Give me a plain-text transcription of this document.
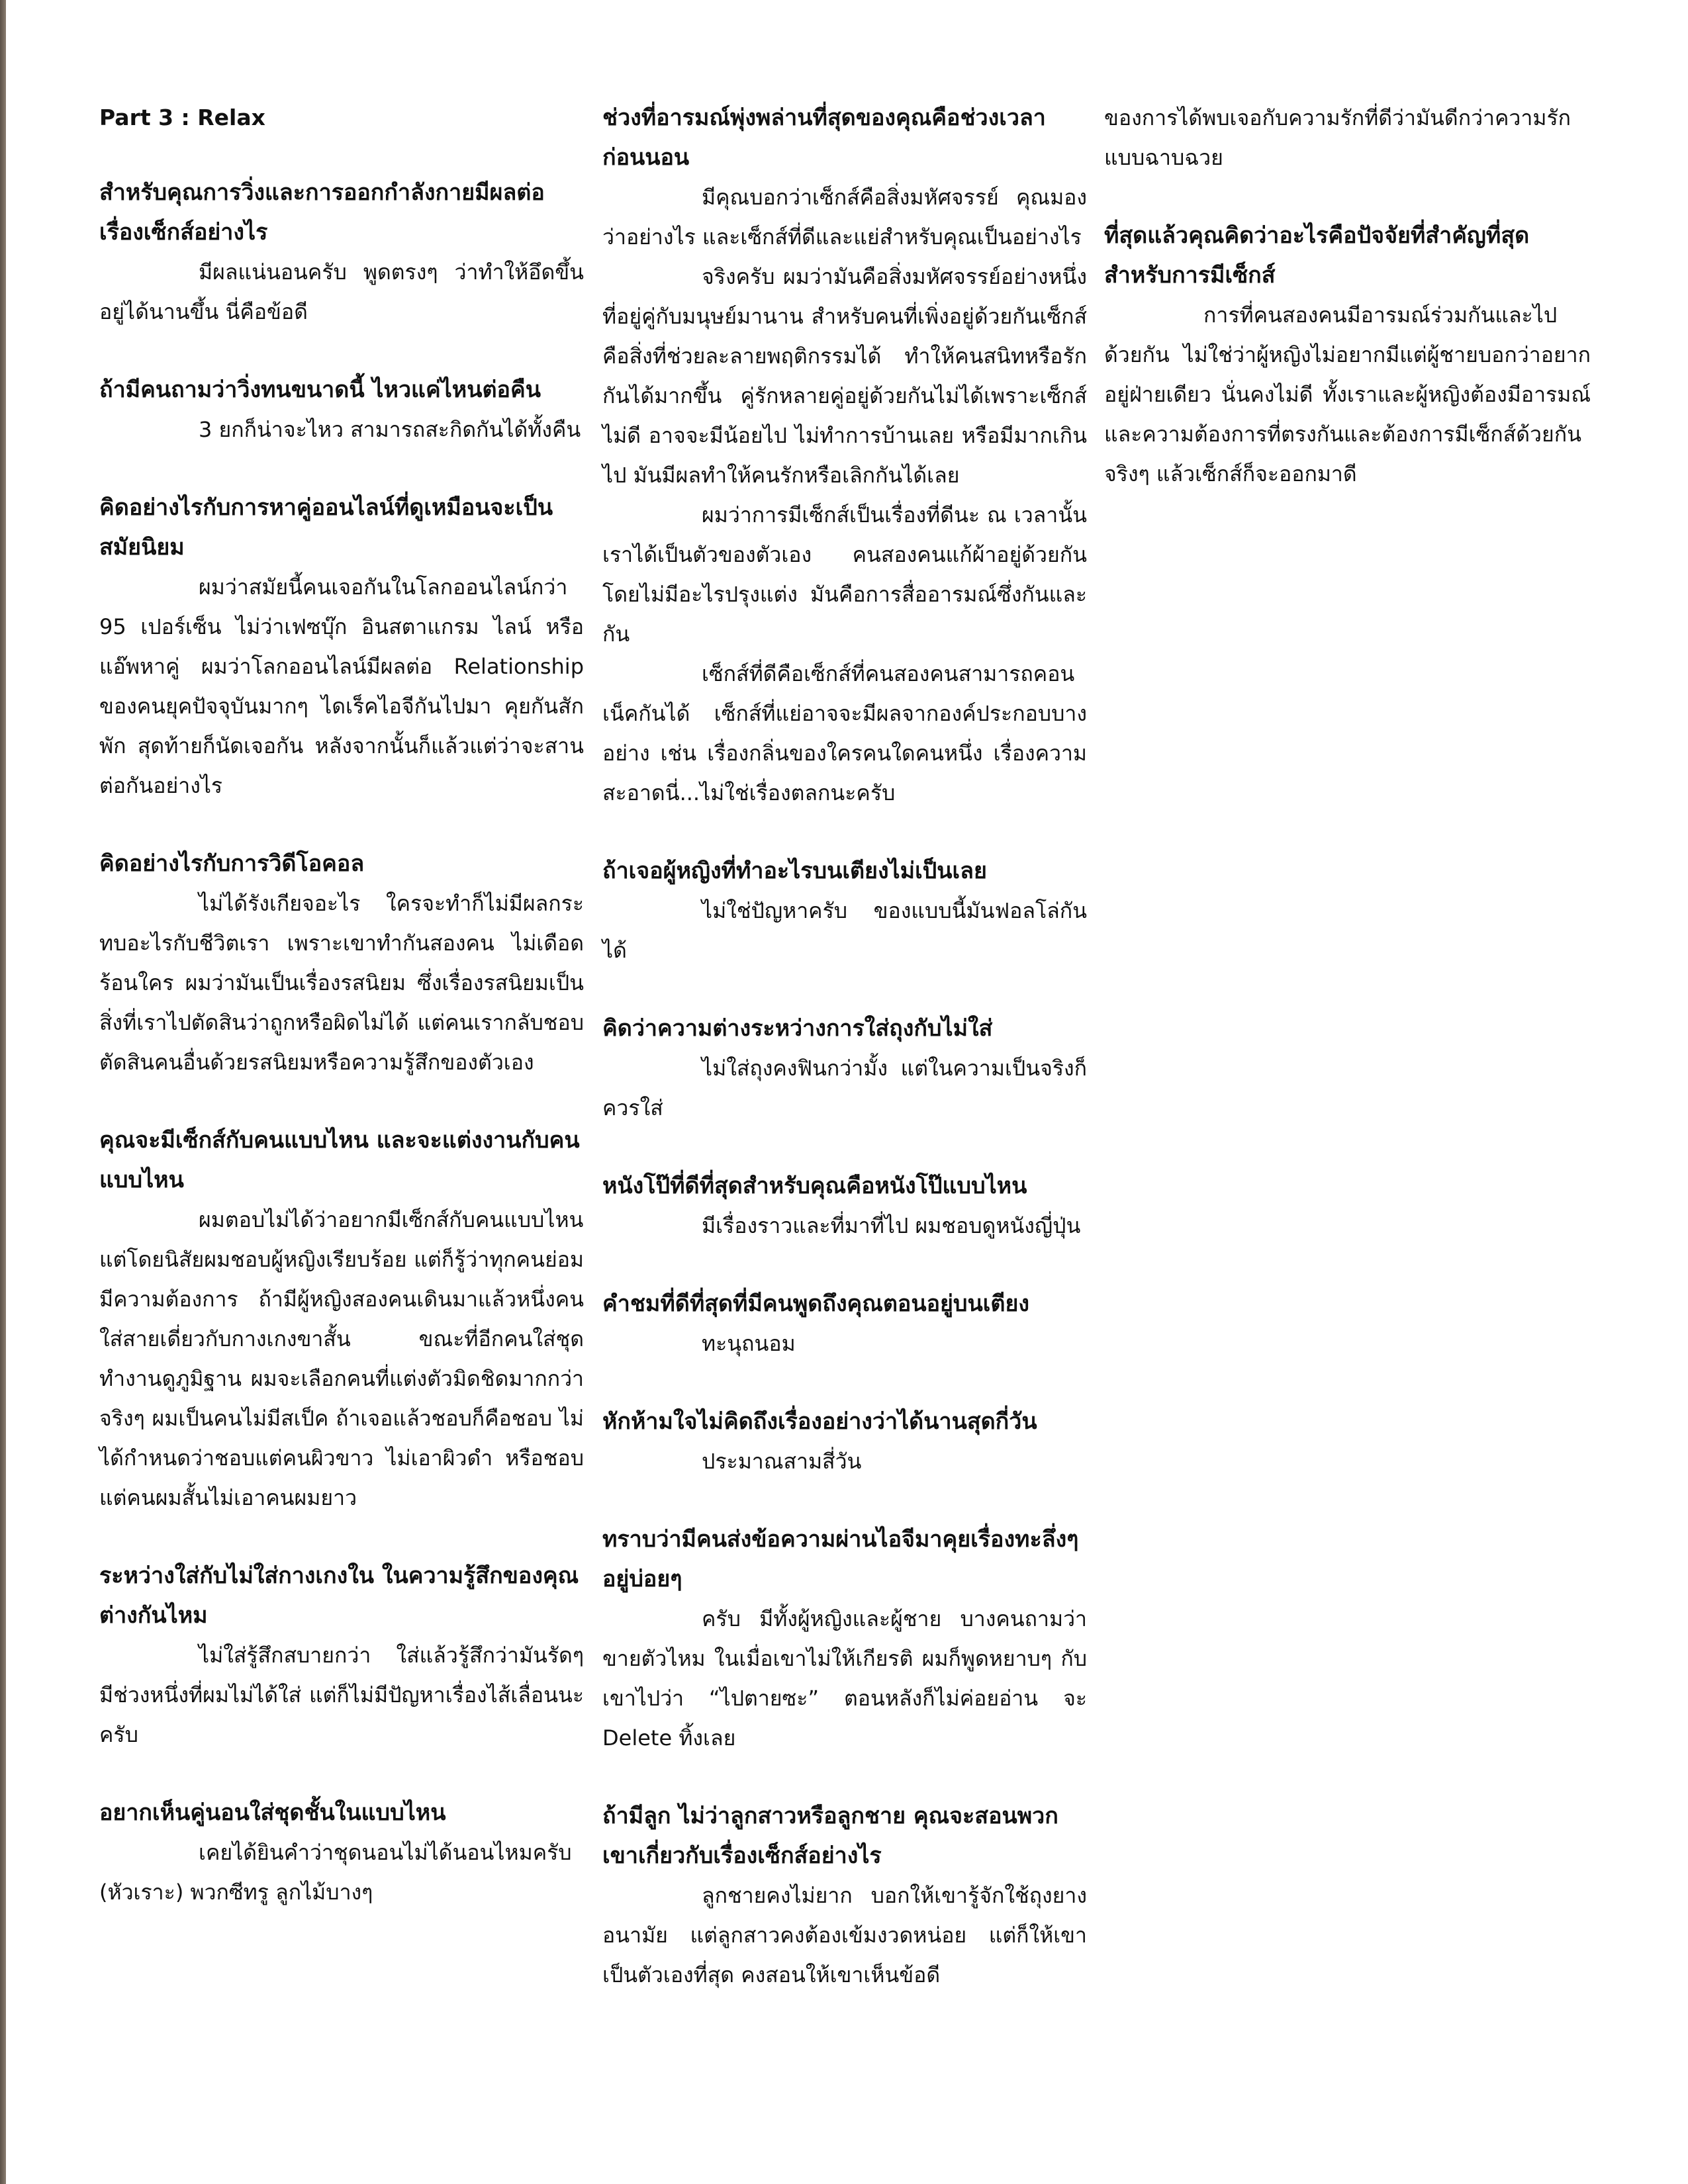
Part 3 : Relax

สำหรับคุณการวิ่งและการออกกำลังกายมีผลต่อเรื่องเซ็กส์อย่างไร

มีผลแน่นอนครับ พูดตรงๆ ว่าทำให้อึดขึ้น อยู่ได้นานขึ้น นี่คือข้อดี

ถ้ามีคนถามว่าวิ่งทนขนาดนี้ ไหวแค่ไหนต่อคืน

3 ยกก็น่าจะไหว สามารถสะกิดกันได้ทั้งคืน

คิดอย่างไรกับการหาคู่ออนไลน์ที่ดูเหมือนจะเป็นสมัยนิยม

ผมว่าสมัยนี้คนเจอกันในโลกออนไลน์กว่า 95 เปอร์เซ็น ไม่ว่าเฟซบุ๊ก อินสตาแกรม ไลน์ หรือแอ๊พหาคู่ ผมว่าโลกออนไลน์มีผลต่อ Relationship ของคนยุคปัจจุบันมากๆ ไดเร็คไอจีกันไปมา คุยกันสักพัก สุดท้ายก็นัดเจอกัน หลังจากนั้นก็แล้วแต่ว่าจะสานต่อกันอย่างไร

คิดอย่างไรกับการวิดีโอคอล

ไม่ได้รังเกียจอะไร ใครจะทำก็ไม่มีผลกระทบอะไรกับชีวิตเรา เพราะเขาทำกันสองคน ไม่เดือดร้อนใคร ผมว่ามันเป็นเรื่องรสนิยม ซึ่งเรื่องรสนิยมเป็นสิ่งที่เราไปตัดสินว่าถูกหรือผิดไม่ได้ แต่คนเรากลับชอบตัดสินคนอื่นด้วยรสนิยมหรือความรู้สึกของตัวเอง

คุณจะมีเซ็กส์กับคนแบบไหน และจะแต่งงานกับคนแบบไหน

ผมตอบไม่ได้ว่าอยากมีเซ็กส์กับคนแบบไหน แต่โดยนิสัยผมชอบผู้หญิงเรียบร้อย แต่ก็รู้ว่าทุกคนย่อมมีความต้องการ ถ้ามีผู้หญิงสองคนเดินมาแล้วหนึ่งคนใส่สายเดี่ยวกับกางเกงขาสั้น ขณะที่อีกคนใส่ชุดทำงานดูภูมิฐาน ผมจะเลือกคนที่แต่งตัวมิดชิดมากกว่า จริงๆ ผมเป็นคนไม่มีสเป็ค ถ้าเจอแล้วชอบก็คือชอบ ไม่ได้กำหนดว่าชอบแต่คนผิวขาว ไม่เอาผิวดำ หรือชอบแต่คนผมสั้นไม่เอาคนผมยาว

ระหว่างใส่กับไม่ใส่กางเกงใน ในความรู้สึกของคุณต่างกันไหม

ไม่ใส่รู้สึกสบายกว่า ใส่แล้วรู้สึกว่ามันรัดๆ มีช่วงหนึ่งที่ผมไม่ได้ใส่ แต่ก็ไม่มีปัญหาเรื่องไส้เลื่อนนะครับ

อยากเห็นคู่นอนใส่ชุดชั้นในแบบไหน

เคยได้ยินคำว่าชุดนอนไม่ได้นอนไหมครับ (หัวเราะ) พวกซีทรู ลูกไม้บางๆ

ช่วงที่อารมณ์พุ่งพล่านที่สุดของคุณคือช่วงเวลาก่อนนอน

มีคุณบอกว่าเซ็กส์คือสิ่งมหัศจรรย์ คุณมองว่าอย่างไร และเซ็กส์ที่ดีและแย่สำหรับคุณเป็นอย่างไร

จริงครับ ผมว่ามันคือสิ่งมหัศจรรย์อย่างหนึ่งที่อยู่คู่กับมนุษย์มานาน สำหรับคนที่เพิ่งอยู่ด้วยกันเซ็กส์คือสิ่งที่ช่วยละลายพฤติกรรมได้ ทำให้คนสนิทหรือรักกันได้มากขึ้น คู่รักหลายคู่อยู่ด้วยกันไม่ได้เพราะเซ็กส์ไม่ดี อาจจะมีน้อยไป ไม่ทำการบ้านเลย หรือมีมากเกินไป มันมีผลทำให้คนรักหรือเลิกกันได้เลย

ผมว่าการมีเซ็กส์เป็นเรื่องที่ดีนะ ณ เวลานั้นเราได้เป็นตัวของตัวเอง คนสองคนแก้ผ้าอยู่ด้วยกันโดยไม่มีอะไรปรุงแต่ง มันคือการสื่ออารมณ์ซึ่งกันและกัน

เซ็กส์ที่ดีคือเซ็กส์ที่คนสองคนสามารถคอนเน็คกันได้ เซ็กส์ที่แย่อาจจะมีผลจากองค์ประกอบบางอย่าง เช่น เรื่องกลิ่นของใครคนใดคนหนึ่ง เรื่องความสะอาดนี่...ไม่ใช่เรื่องตลกนะครับ

ถ้าเจอผู้หญิงที่ทำอะไรบนเตียงไม่เป็นเลย

ไม่ใช่ปัญหาครับ ของแบบนี้มันฟอลโล่กันได้

คิดว่าความต่างระหว่างการใส่ถุงกับไม่ใส่

ไม่ใส่ถุงคงฟินกว่ามั้ง แต่ในความเป็นจริงก็ควรใส่

หนังโป๊ที่ดีที่สุดสำหรับคุณคือหนังโป๊แบบไหน

มีเรื่องราวและที่มาที่ไป ผมชอบดูหนังญี่ปุ่น

คำชมที่ดีที่สุดที่มีคนพูดถึงคุณตอนอยู่บนเตียง

ทะนุถนอม

หักห้ามใจไม่คิดถึงเรื่องอย่างว่าได้นานสุดกี่วัน

ประมาณสามสี่วัน

ทราบว่ามีคนส่งข้อความผ่านไอจีมาคุยเรื่องทะลึ่งๆ อยู่บ่อยๆ

ครับ มีทั้งผู้หญิงและผู้ชาย บางคนถามว่าขายตัวไหม ในเมื่อเขาไม่ให้เกียรติ ผมก็พูดหยาบๆ กับเขาไปว่า “ไปตายซะ” ตอนหลังก็ไม่ค่อยอ่าน จะ Delete ทิ้งเลย

ถ้ามีลูก ไม่ว่าลูกสาวหรือลูกชาย คุณจะสอนพวกเขาเกี่ยวกับเรื่องเซ็กส์อย่างไร

ลูกชายคงไม่ยาก บอกให้เขารู้จักใช้ถุงยางอนามัย แต่ลูกสาวคงต้องเข้มงวดหน่อย แต่ก็ให้เขาเป็นตัวเองที่สุด คงสอนให้เขาเห็นข้อดี

ของการได้พบเจอกับความรักที่ดีว่ามันดีกว่าความรักแบบฉาบฉวย

ที่สุดแล้วคุณคิดว่าอะไรคือปัจจัยที่สำคัญที่สุดสำหรับการมีเซ็กส์

การที่คนสองคนมีอารมณ์ร่วมกันและไปด้วยกัน ไม่ใช่ว่าผู้หญิงไม่อยากมีแต่ผู้ชายบอกว่าอยากอยู่ฝ่ายเดียว นั่นคงไม่ดี ทั้งเราและผู้หญิงต้องมีอารมณ์และความต้องการที่ตรงกันและต้องการมีเซ็กส์ด้วยกันจริงๆ แล้วเซ็กส์ก็จะออกมาดี
